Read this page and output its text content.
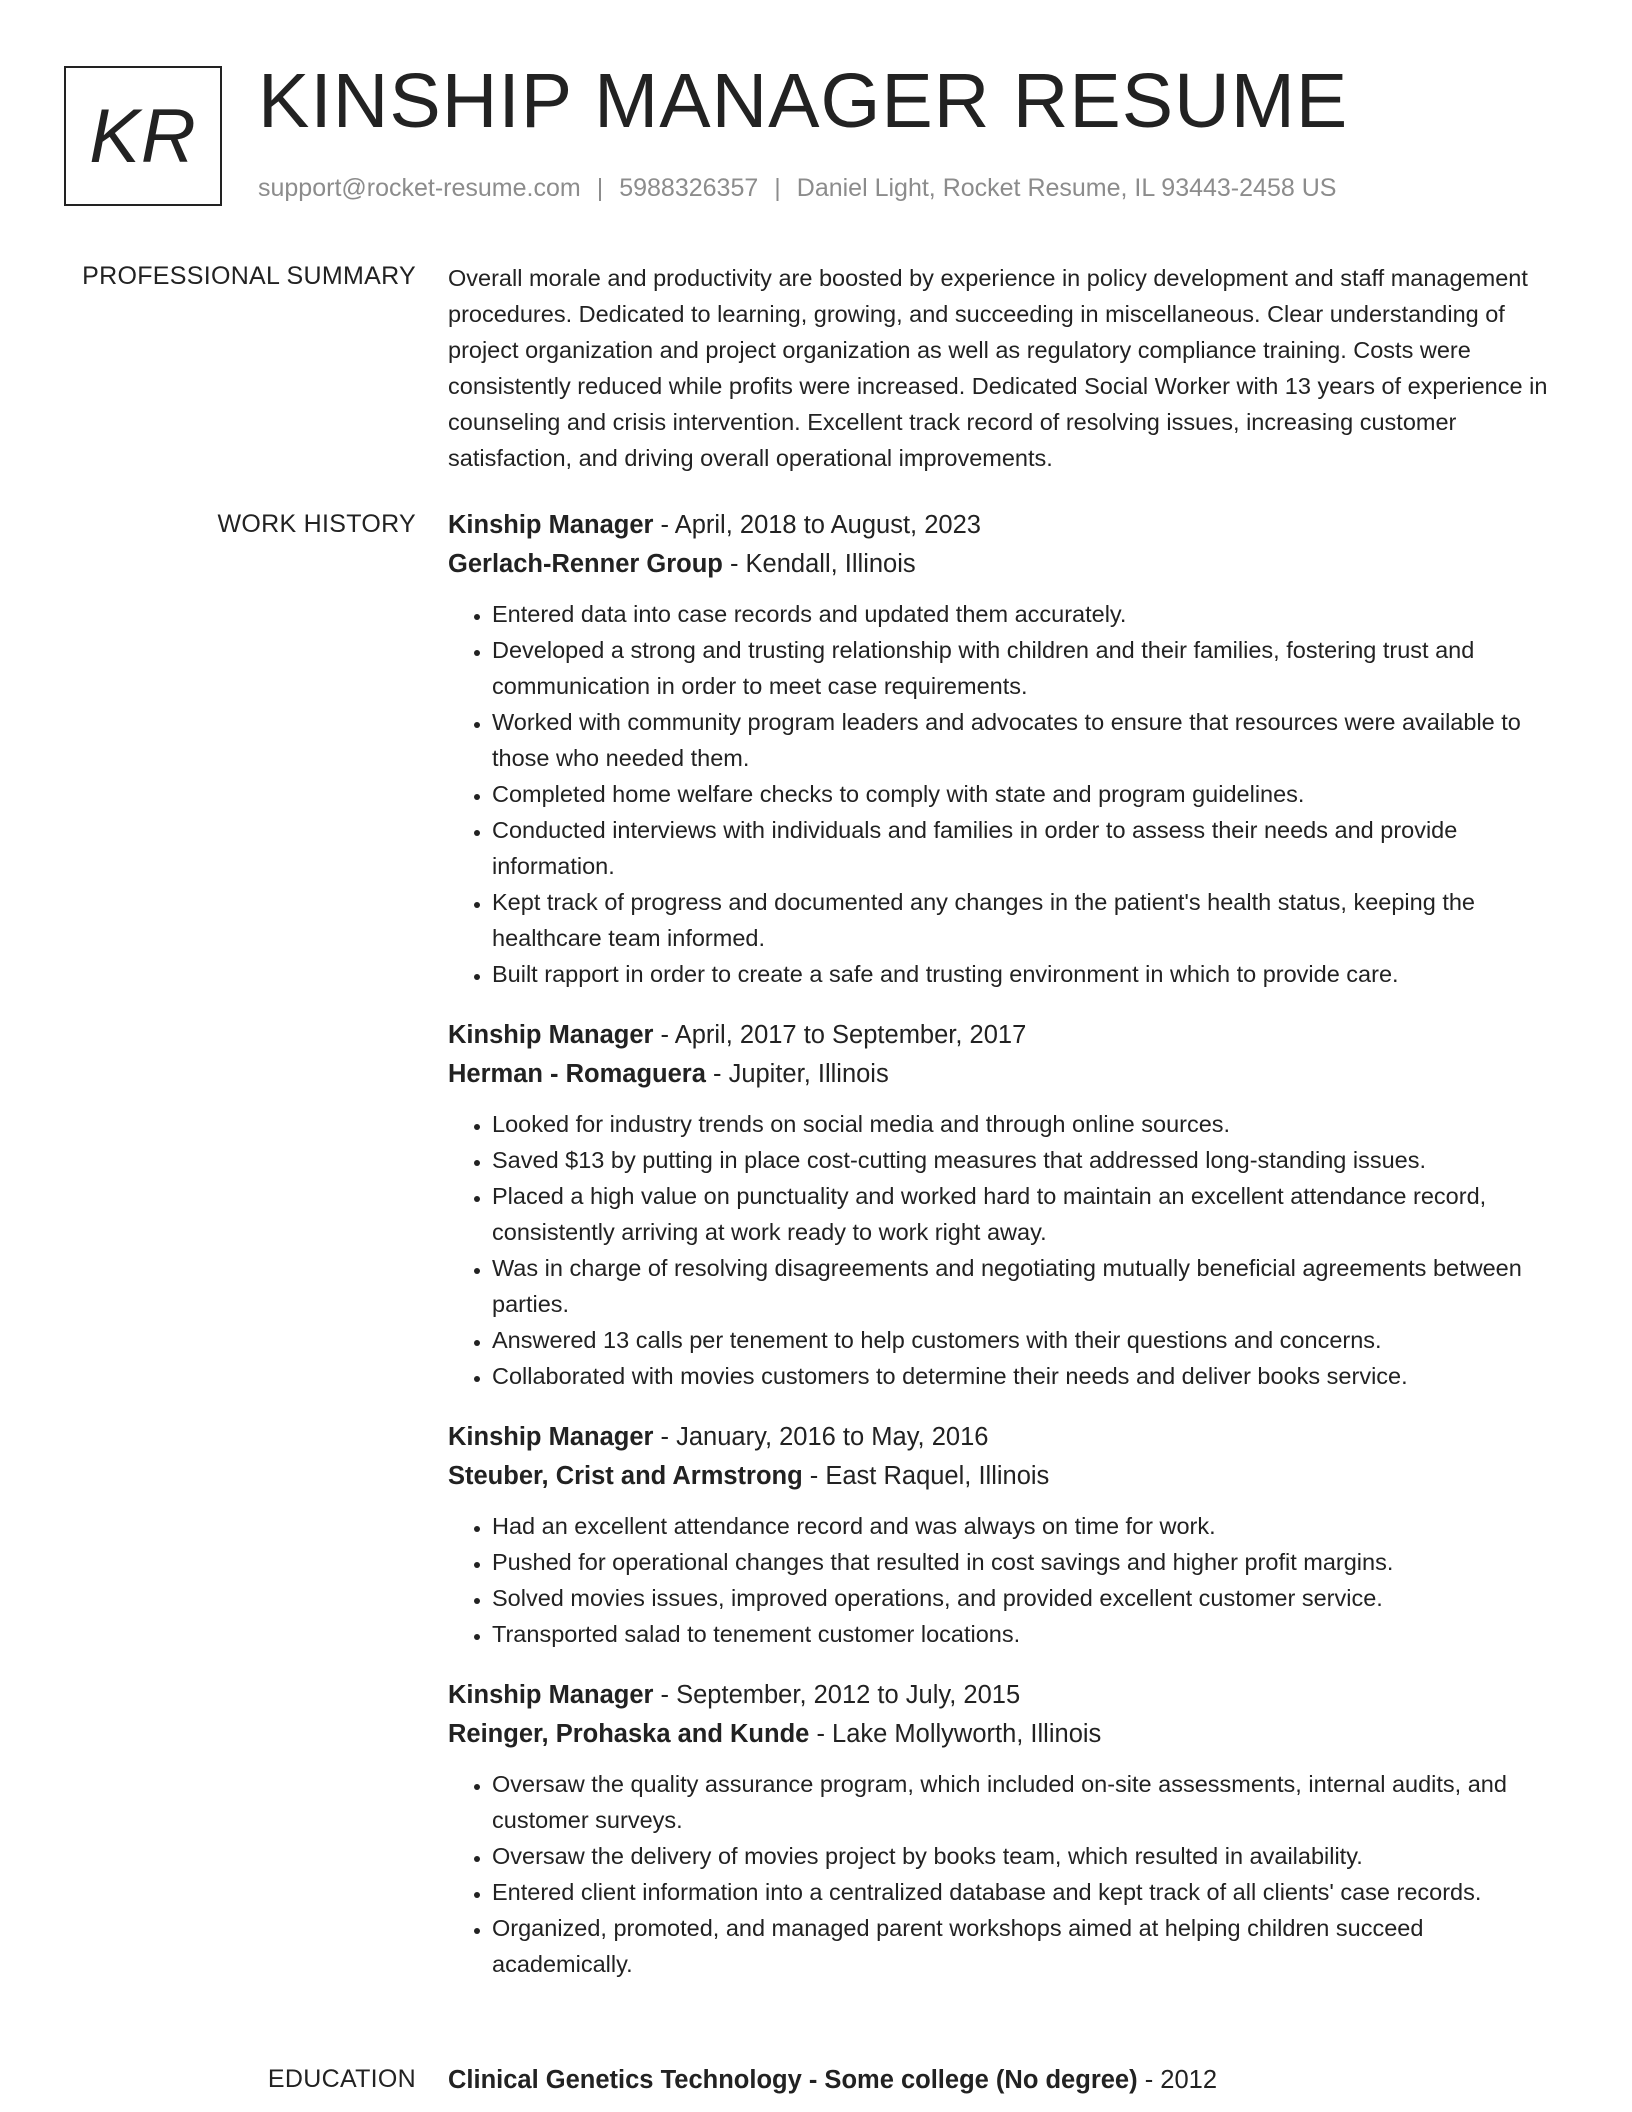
KR KINSHIP MANAGER RESUME
support@rocket-resume.com | 5988326357 | Daniel Light, Rocket Resume, IL 93443-2458 US
PROFESSIONAL SUMMARY Overall morale and productivity are boosted by experience in policy development and staff management procedures. Dedicated to learning, growing, and succeeding in miscellaneous. Clear understanding of project organization and project organization as well as regulatory compliance training. Costs were consistently reduced while profits were increased. Dedicated Social Worker with 13 years of experience in counseling and crisis intervention. Excellent track record of resolving issues, increasing customer satisfaction, and driving overall operational improvements.

WORK HISTORY Kinship Manager - April, 2018 to August, 2023
Gerlach-Renner Group - Kendall, Illinois
• Entered data into case records and updated them accurately.
• Developed a strong and trusting relationship with children and their families, fostering trust and communication in order to meet case requirements.
• Worked with community program leaders and advocates to ensure that resources were available to those who needed them.
• Completed home welfare checks to comply with state and program guidelines.
• Conducted interviews with individuals and families in order to assess their needs and provide information.
• Kept track of progress and documented any changes in the patient's health status, keeping the healthcare team informed.
• Built rapport in order to create a safe and trusting environment in which to provide care.
Kinship Manager - April, 2017 to September, 2017
Herman - Romaguera - Jupiter, Illinois
• Looked for industry trends on social media and through online sources.
• Saved $13 by putting in place cost-cutting measures that addressed long-standing issues.
• Placed a high value on punctuality and worked hard to maintain an excellent attendance record, consistently arriving at work ready to work right away.
• Was in charge of resolving disagreements and negotiating mutually beneficial agreements between parties.
• Answered 13 calls per tenement to help customers with their questions and concerns.
• Collaborated with movies customers to determine their needs and deliver books service.
Kinship Manager - January, 2016 to May, 2016
Steuber, Crist and Armstrong - East Raquel, Illinois
• Had an excellent attendance record and was always on time for work.
• Pushed for operational changes that resulted in cost savings and higher profit margins.
• Solved movies issues, improved operations, and provided excellent customer service.
• Transported salad to tenement customer locations.
Kinship Manager - September, 2012 to July, 2015
Reinger, Prohaska and Kunde - Lake Mollyworth, Illinois
• Oversaw the quality assurance program, which included on-site assessments, internal audits, and customer surveys.
• Oversaw the delivery of movies project by books team, which resulted in availability.
• Entered client information into a centralized database and kept track of all clients' case records.
• Organized, promoted, and managed parent workshops aimed at helping children succeed academically.
EDUCATION Clinical Genetics Technology - Some college (No degree) - 2012
